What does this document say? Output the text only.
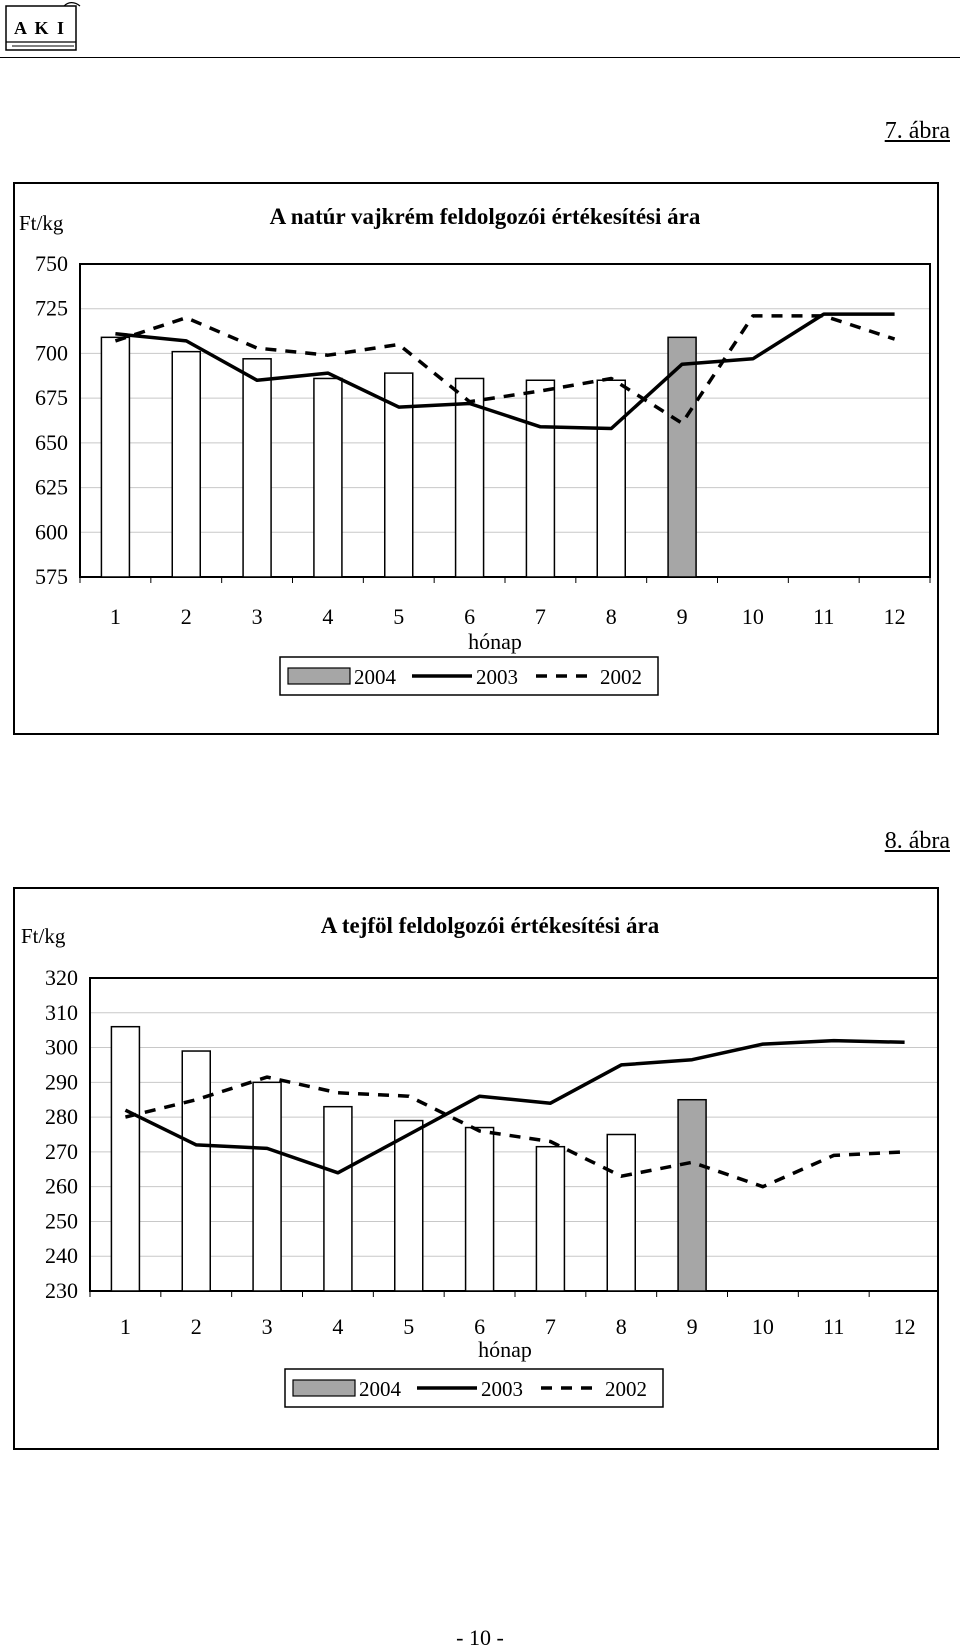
A K I
7. ábra
A natúr vajkrém feldolgozói értékesítési ára
Ft/kg
575
600
625
650
675
700
725
750
1	2	3	4	5	6	7	8	9 10 11 12
hónap
2004	2003	2002
8. ábra
A tejföl feldolgozói értékesítési ára
Ft/kg
230
240
250
260
270
280
290
300
310
320
1	2	3	4	5	6	7	8	9 10 11 12
hónap
2004	2003	2002
- 10 -
